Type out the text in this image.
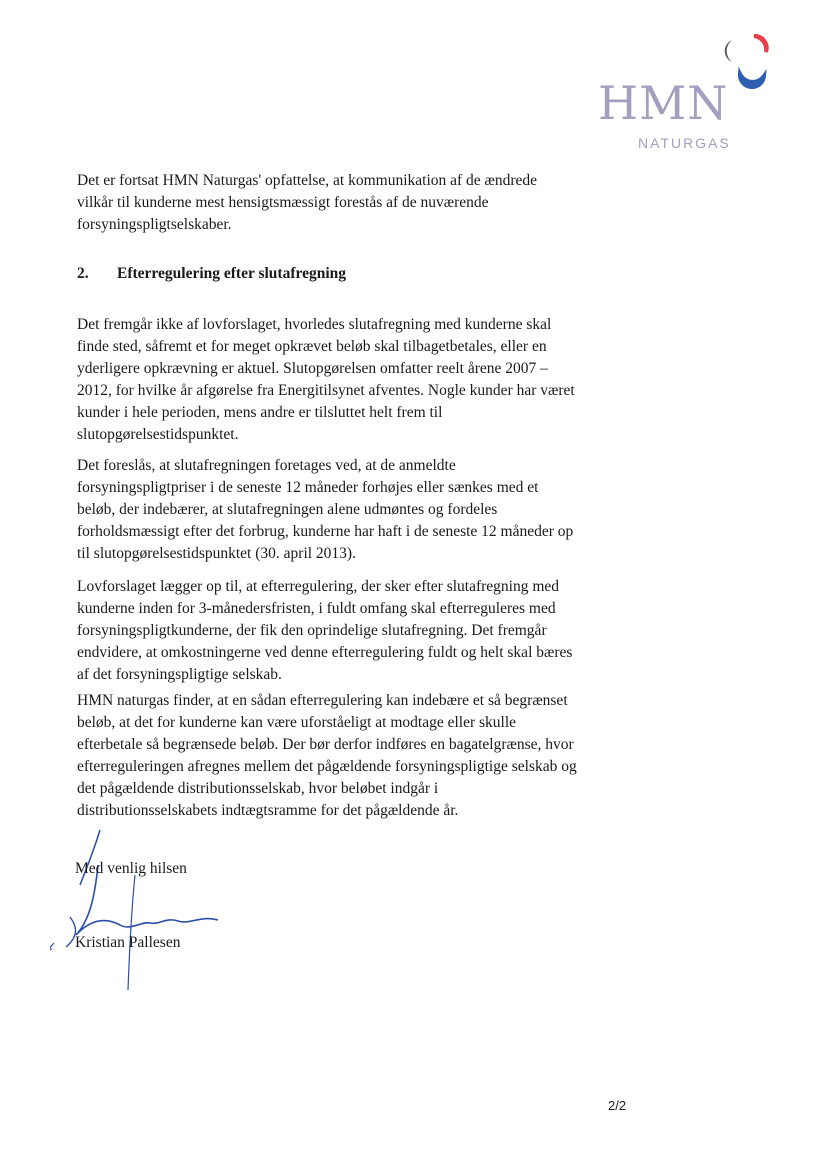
HMN
NATURGAS

Det er fortsat HMN Naturgas' opfattelse, at kommunikation af de ændrede vilkår til kunderne mest hensigtsmæssigt forestås af de nuværende forsyningspligtselskaber.

2. Efterregulering efter slutafregning

Det fremgår ikke af lovforslaget, hvorledes slutafregning med kunderne skal finde sted, såfremt et for meget opkrævet beløb skal tilbagetbetales, eller en yderligere opkrævning er aktuel. Slutopgørelsen omfatter reelt årene 2007 – 2012, for hvilke år afgørelse fra Energitilsynet afventes. Nogle kunder har været kunder i hele perioden, mens andre er tilsluttet helt frem til slutopgørelsestidspunktet.

Det foreslås, at slutafregningen foretages ved, at de anmeldte forsyningspligtpriser i de seneste 12 måneder forhøjes eller sænkes med et beløb, der indebærer, at slutafregningen alene udmøntes og fordeles forholdsmæssigt efter det forbrug, kunderne har haft i de seneste 12 måneder op til slutopgørelsestidspunktet (30. april 2013).

Lovforslaget lægger op til, at efterregulering, der sker efter slutafregning med kunderne inden for 3-månedersfristen, i fuldt omfang skal efterreguleres med forsyningspligtkunderne, der fik den oprindelige slutafregning. Det fremgår endvidere, at omkostningerne ved denne efterregulering fuldt og helt skal bæres af det forsyningspligtige selskab.

HMN naturgas finder, at en sådan efterregulering kan indebære et så begrænset beløb, at det for kunderne kan være uforståeligt at modtage eller skulle efterbetale så begrænsede beløb. Der bør derfor indføres en bagatelgrænse, hvor efterreguleringen afregnes mellem det pågældende forsyningspligtige selskab og det pågældende distributionsselskab, hvor beløbet indgår i distributionsselskabets indtægtsramme for det pågældende år.

Med venlig hilsen
Kristian Pallesen
2/2
